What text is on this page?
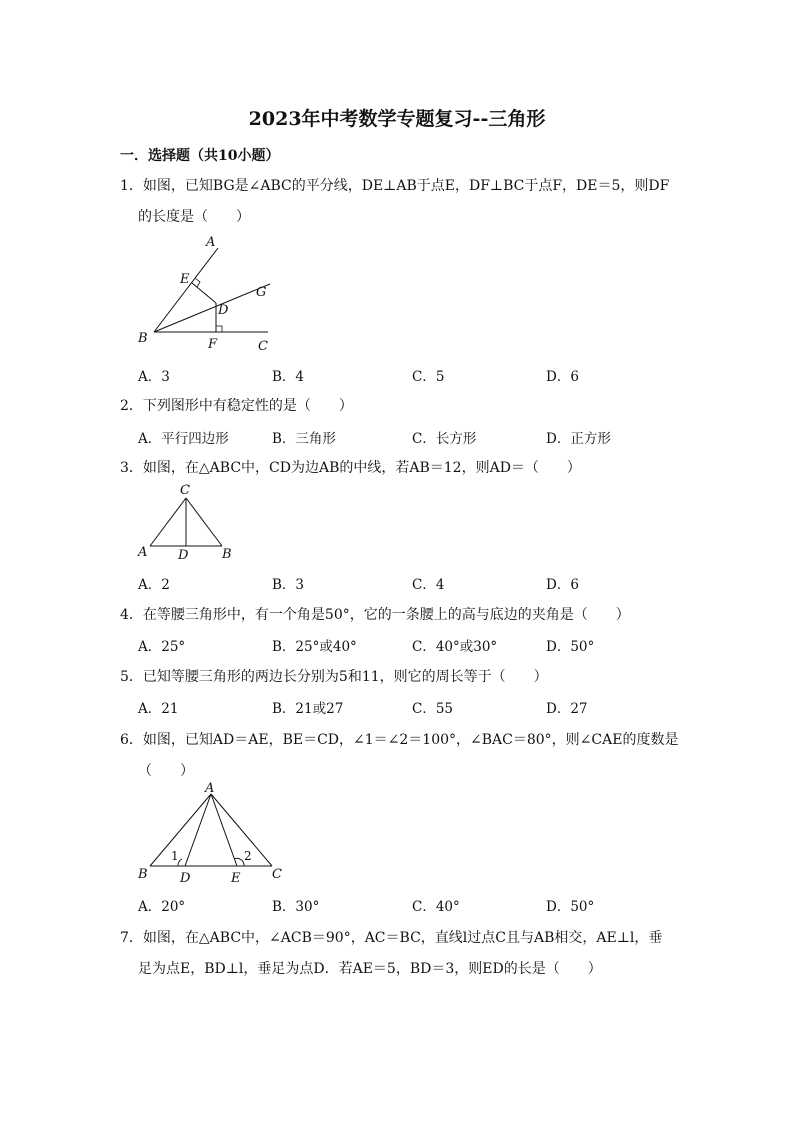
2023年中考数学专题复习--三角形
一．选择题（共10小题）
1．如图，已知BG是∠ABC的平分线，DE⊥AB于点E，DF⊥BC于点F，DE＝5，则DF
的长度是（　　）
A
E
G
D
B	F	C
A．3	B．4	C．5	D．6
2．下列图形中有稳定性的是（　　）
A．平行四边形	B．三角形	C．长方形	D．正方形
3．如图，在△ABC中，CD为边AB的中线，若AB＝12，则AD＝（　　）
C
A D	B
A．2	B．3	C．4	D．6
4．在等腰三角形中，有一个角是50°，它的一条腰上的高与底边的夹角是（　　）
A．25°	B．25°或40°	C．40°或30°	D．50°
5．已知等腰三角形的两边长分别为5和11，则它的周长等于（　　）
A．21	B．21或27	C．55	D．27
6．如图，已知AD＝AE，BE＝CD，∠1＝∠2＝100°，∠BAC＝80°，则∠CAE的度数是
（　　）
A
1	2
B D	E C
A．20°	B．30°	C．40°	D．50°
7．如图，在△ABC中，∠ACB＝90°，AC＝BC，直线l过点C且与AB相交，AE⊥l，垂
足为点E，BD⊥l，垂足为点D．若AE＝5，BD＝3，则ED的长是（　　）
